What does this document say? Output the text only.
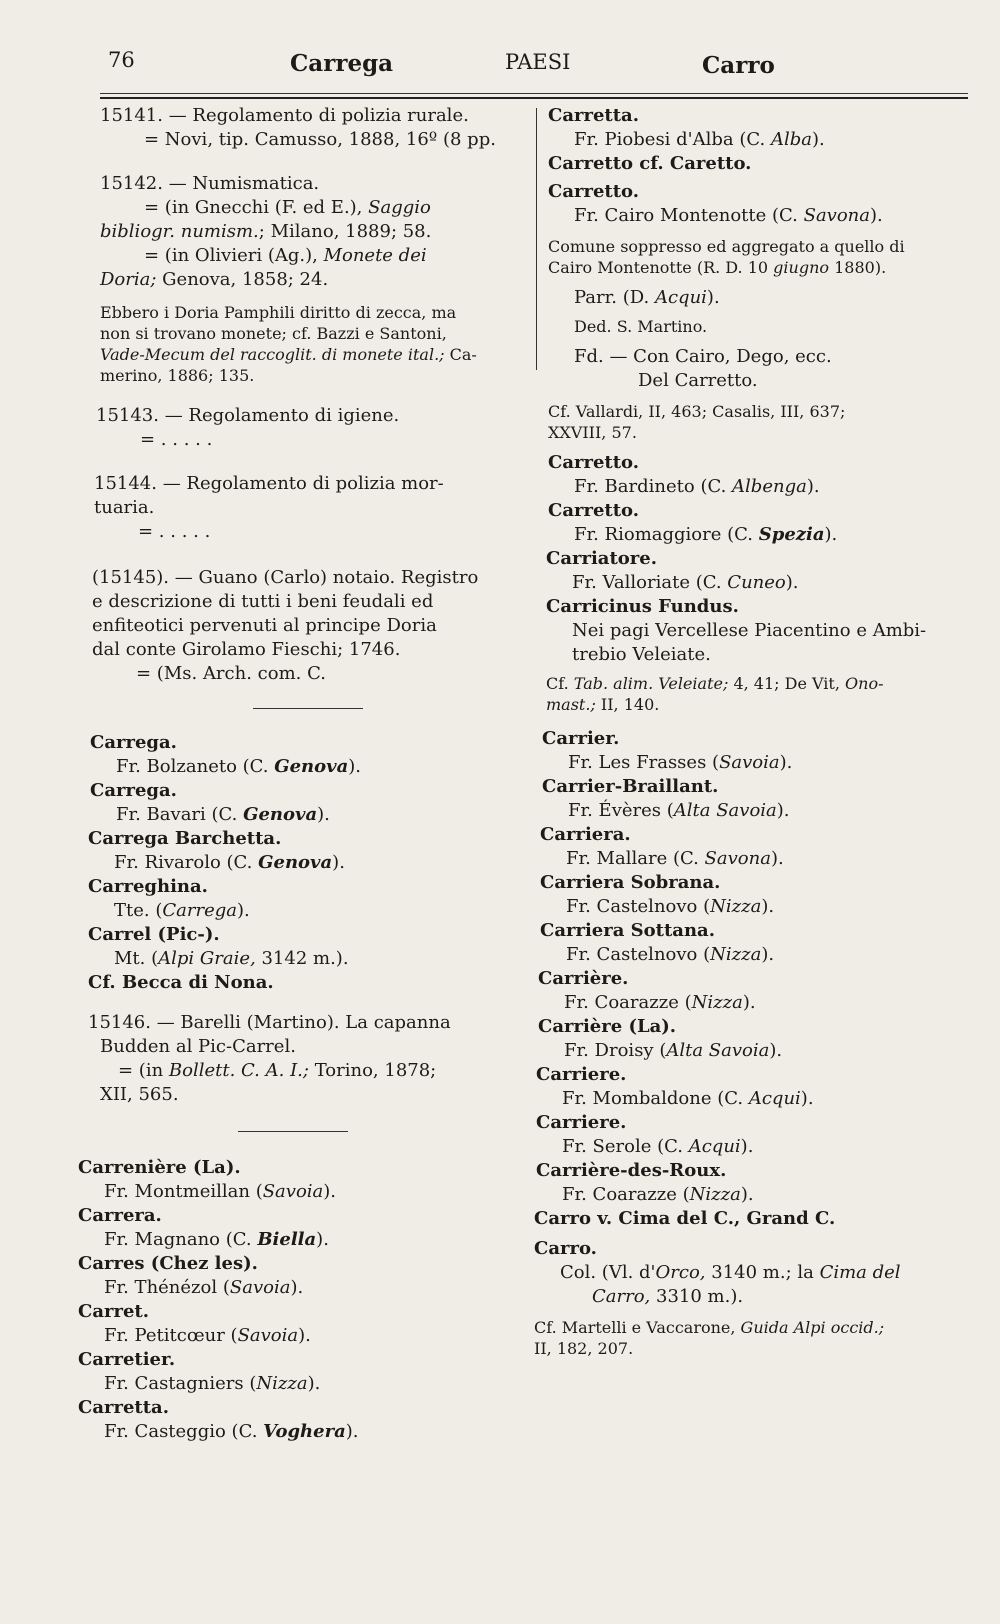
76	Carrega	PAESI	Carro
15141. — Regolamento di polizia rurale.
= Novi, tip. Camusso, 1888, 16º (8 pp.
15142. — Numismatica.
= (in Gnecchi (F. ed E.), Saggio
bibliogr. numism.; Milano, 1889; 58.
= (in Olivieri (Ag.), Monete dei
Doria; Genova, 1858; 24.
Ebbero i Doria Pamphili diritto di zecca, ma
non si trovano monete; cf. Bazzi e Santoni,
Vade-Mecum del raccoglit. di monete ital.; Ca-
merino, 1886; 135.
15143. — Regolamento di igiene.
= . . . . .
15144. — Regolamento di polizia mor-
tuaria.
= . . . . .
(15145). — Guano (Carlo) notaio. Registro
e descrizione di tutti i beni feudali ed
enfiteotici pervenuti al principe Doria
dal conte Girolamo Fieschi; 1746.
= (Ms. Arch. com. C.
Carrega.
Fr. Bolzaneto (C. Genova).
Carrega.
Fr. Bavari (C. Genova).
Carrega Barchetta.
Fr. Rivarolo (C. Genova).
Carreghina.
Tte. (Carrega).
Carrel (Pic-).
Mt. (Alpi Graie, 3142 m.).
Cf. Becca di Nona.
15146. — Barelli (Martino). La capanna
Budden al Pic-Carrel.
= (in Bollett. C. A. I.; Torino, 1878;
XII, 565.
Carrenière (La).
Fr. Montmeillan (Savoia).
Carrera.
Fr. Magnano (C. Biella).
Carres (Chez les).
Fr. Thénézol (Savoia).
Carret.
Fr. Petitcœur (Savoia).
Carretier.
Fr. Castagniers (Nizza).
Carretta.
Fr. Casteggio (C. Voghera).
Carretta.
Fr. Piobesi d'Alba (C. Alba).
Carretto cf. Caretto.
Carretto.
Fr. Cairo Montenotte (C. Savona).
Comune soppresso ed aggregato a quello di
Cairo Montenotte (R. D. 10 giugno 1880).
Parr. (D. Acqui).
Ded. S. Martino.
Fd. — Con Cairo, Dego, ecc.
Del Carretto.
Cf. Vallardi, II, 463; Casalis, III, 637;
XXVIII, 57.
Carretto.
Fr. Bardineto (C. Albenga).
Carretto.
Fr. Riomaggiore (C. Spezia).
Carriatore.
Fr. Valloriate (C. Cuneo).
Carricinus Fundus.
Nei pagi Vercellese Piacentino e Ambi-
trebio Veleiate.
Cf. Tab. alim. Veleiate; 4, 41; De Vit, Ono-
mast.; II, 140.
Carrier.
Fr. Les Frasses (Savoia).
Carrier-Braillant.
Fr. Évères (Alta Savoia).
Carriera.
Fr. Mallare (C. Savona).
Carriera Sobrana.
Fr. Castelnovo (Nizza).
Carriera Sottana.
Fr. Castelnovo (Nizza).
Carrière.
Fr. Coarazze (Nizza).
Carrière (La).
Fr. Droisy (Alta Savoia).
Carriere.
Fr. Mombaldone (C. Acqui).
Carriere.
Fr. Serole (C. Acqui).
Carrière-des-Roux.
Fr. Coarazze (Nizza).
Carro v. Cima del C., Grand C.
Carro.
Col. (Vl. d'Orco, 3140 m.; la Cima del
Carro, 3310 m.).
Cf. Martelli e Vaccarone, Guida Alpi occid.;
II, 182, 207.
